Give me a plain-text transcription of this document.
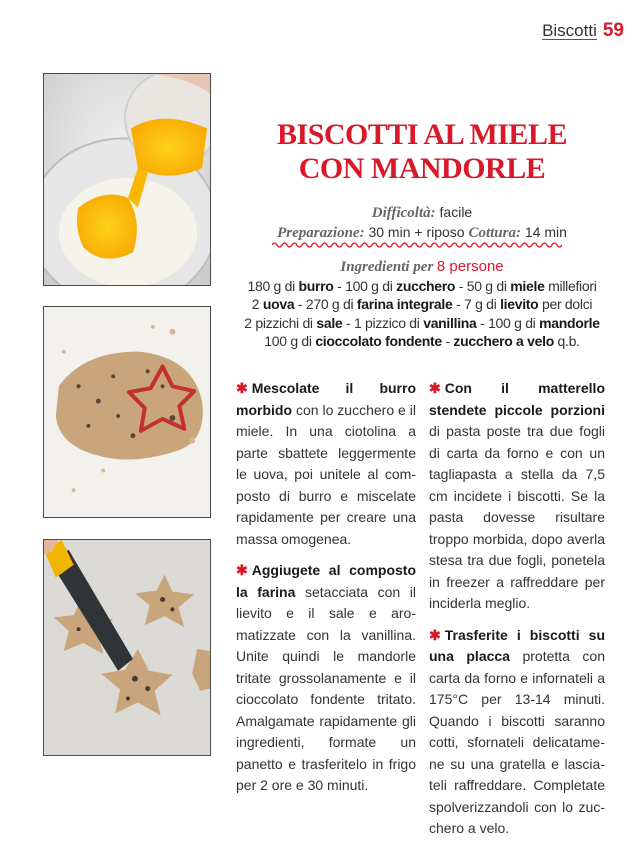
Biscotti 59
BISCOTTI AL MIELE
CON MANDORLE
Difficoltà: facile
Preparazione: 30 min + riposo Cottura: 14 min
Ingredienti per 8 persone
180 g di burro - 100 g di zucchero - 50 g di miele millefiori
2 uova - 270 g di farina integrale - 7 g di lievito per dolci
2 pizzichi di sale - 1 pizzico di vanillina - 100 g di mandorle
100 g di cioccolato fondente - zucchero a velo q.b.
✱ Mescolate il burro morbido con lo zucchero e il miele. In una ciotolina a parte sbattete leggermente le uova, poi unitele al composto di burro e miscelate rapidamente per creare una massa omogenea.
✱ Aggiugete al composto la farina setacciata con il lievito e il sale e aromatizzate con la vanillina. Unite quindi le mandorle tritate grossolanamente e il cioccolato fondente tritato. Amalgamate rapidamente gli ingredienti, formate un panetto e trasferitelo in frigo per 2 ore e 30 minuti.
✱ Con il matterello stendete piccole porzioni di pasta poste tra due fogli di carta da forno e con un tagliapasta a stella da 7,5 cm incidete i biscotti. Se la pasta dovesse risultare troppo morbida, dopo averla stesa tra due fogli, ponetela in freezer a raffreddare per inciderla meglio.
✱ Trasferite i biscotti su una placca protetta con carta da forno e infornateli a 175°C per 13-14 minuti. Quando i biscotti saranno cotti, sfornateli delicatamene su una gratella e lasciateli raffreddare. Completate spolverizzandoli con lo zucchero a velo.
